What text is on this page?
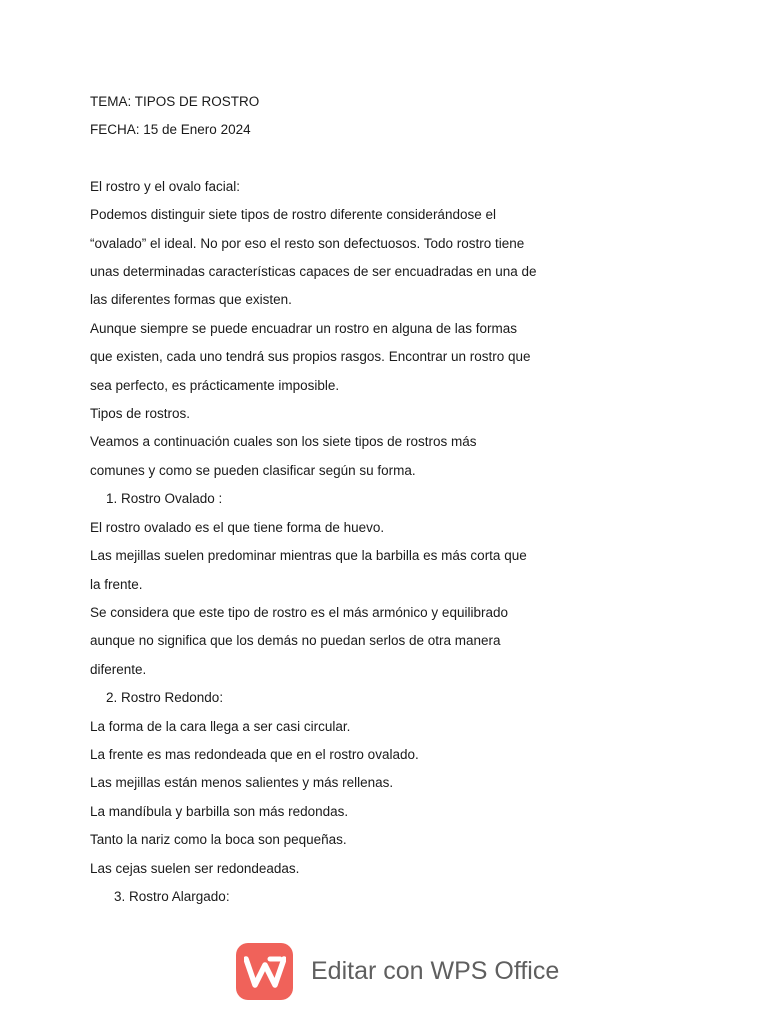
TEMA: TIPOS DE ROSTRO

FECHA: 15 de Enero 2024

El rostro y el ovalo facial:

Podemos distinguir siete tipos de rostro diferente considerándose el

“ovalado” el ideal. No por eso el resto son defectuosos. Todo rostro tiene

unas determinadas características capaces de ser encuadradas en una de

las diferentes formas que existen.

Aunque siempre se puede encuadrar un rostro en alguna de las formas

que existen, cada uno tendrá sus propios rasgos. Encontrar un rostro que

sea perfecto, es prácticamente imposible.

Tipos de rostros.

Veamos a continuación cuales son los siete tipos de rostros más

comunes y como se pueden clasificar según su forma.

1. Rostro Ovalado :

El rostro ovalado es el que tiene forma de huevo.

Las mejillas suelen predominar mientras que la barbilla es más corta que

la frente.

Se considera que este tipo de rostro es el más armónico y equilibrado

aunque no significa que los demás no puedan serlos de otra manera

diferente.

2. Rostro Redondo:

La forma de la cara llega a ser casi circular.

La frente es mas redondeada que en el rostro ovalado.

Las mejillas están menos salientes y más rellenas.

La mandíbula y barbilla son más redondas.

Tanto la nariz como la boca son pequeñas.

Las cejas suelen ser redondeadas.

3. Rostro Alargado:

Editar con WPS Office
